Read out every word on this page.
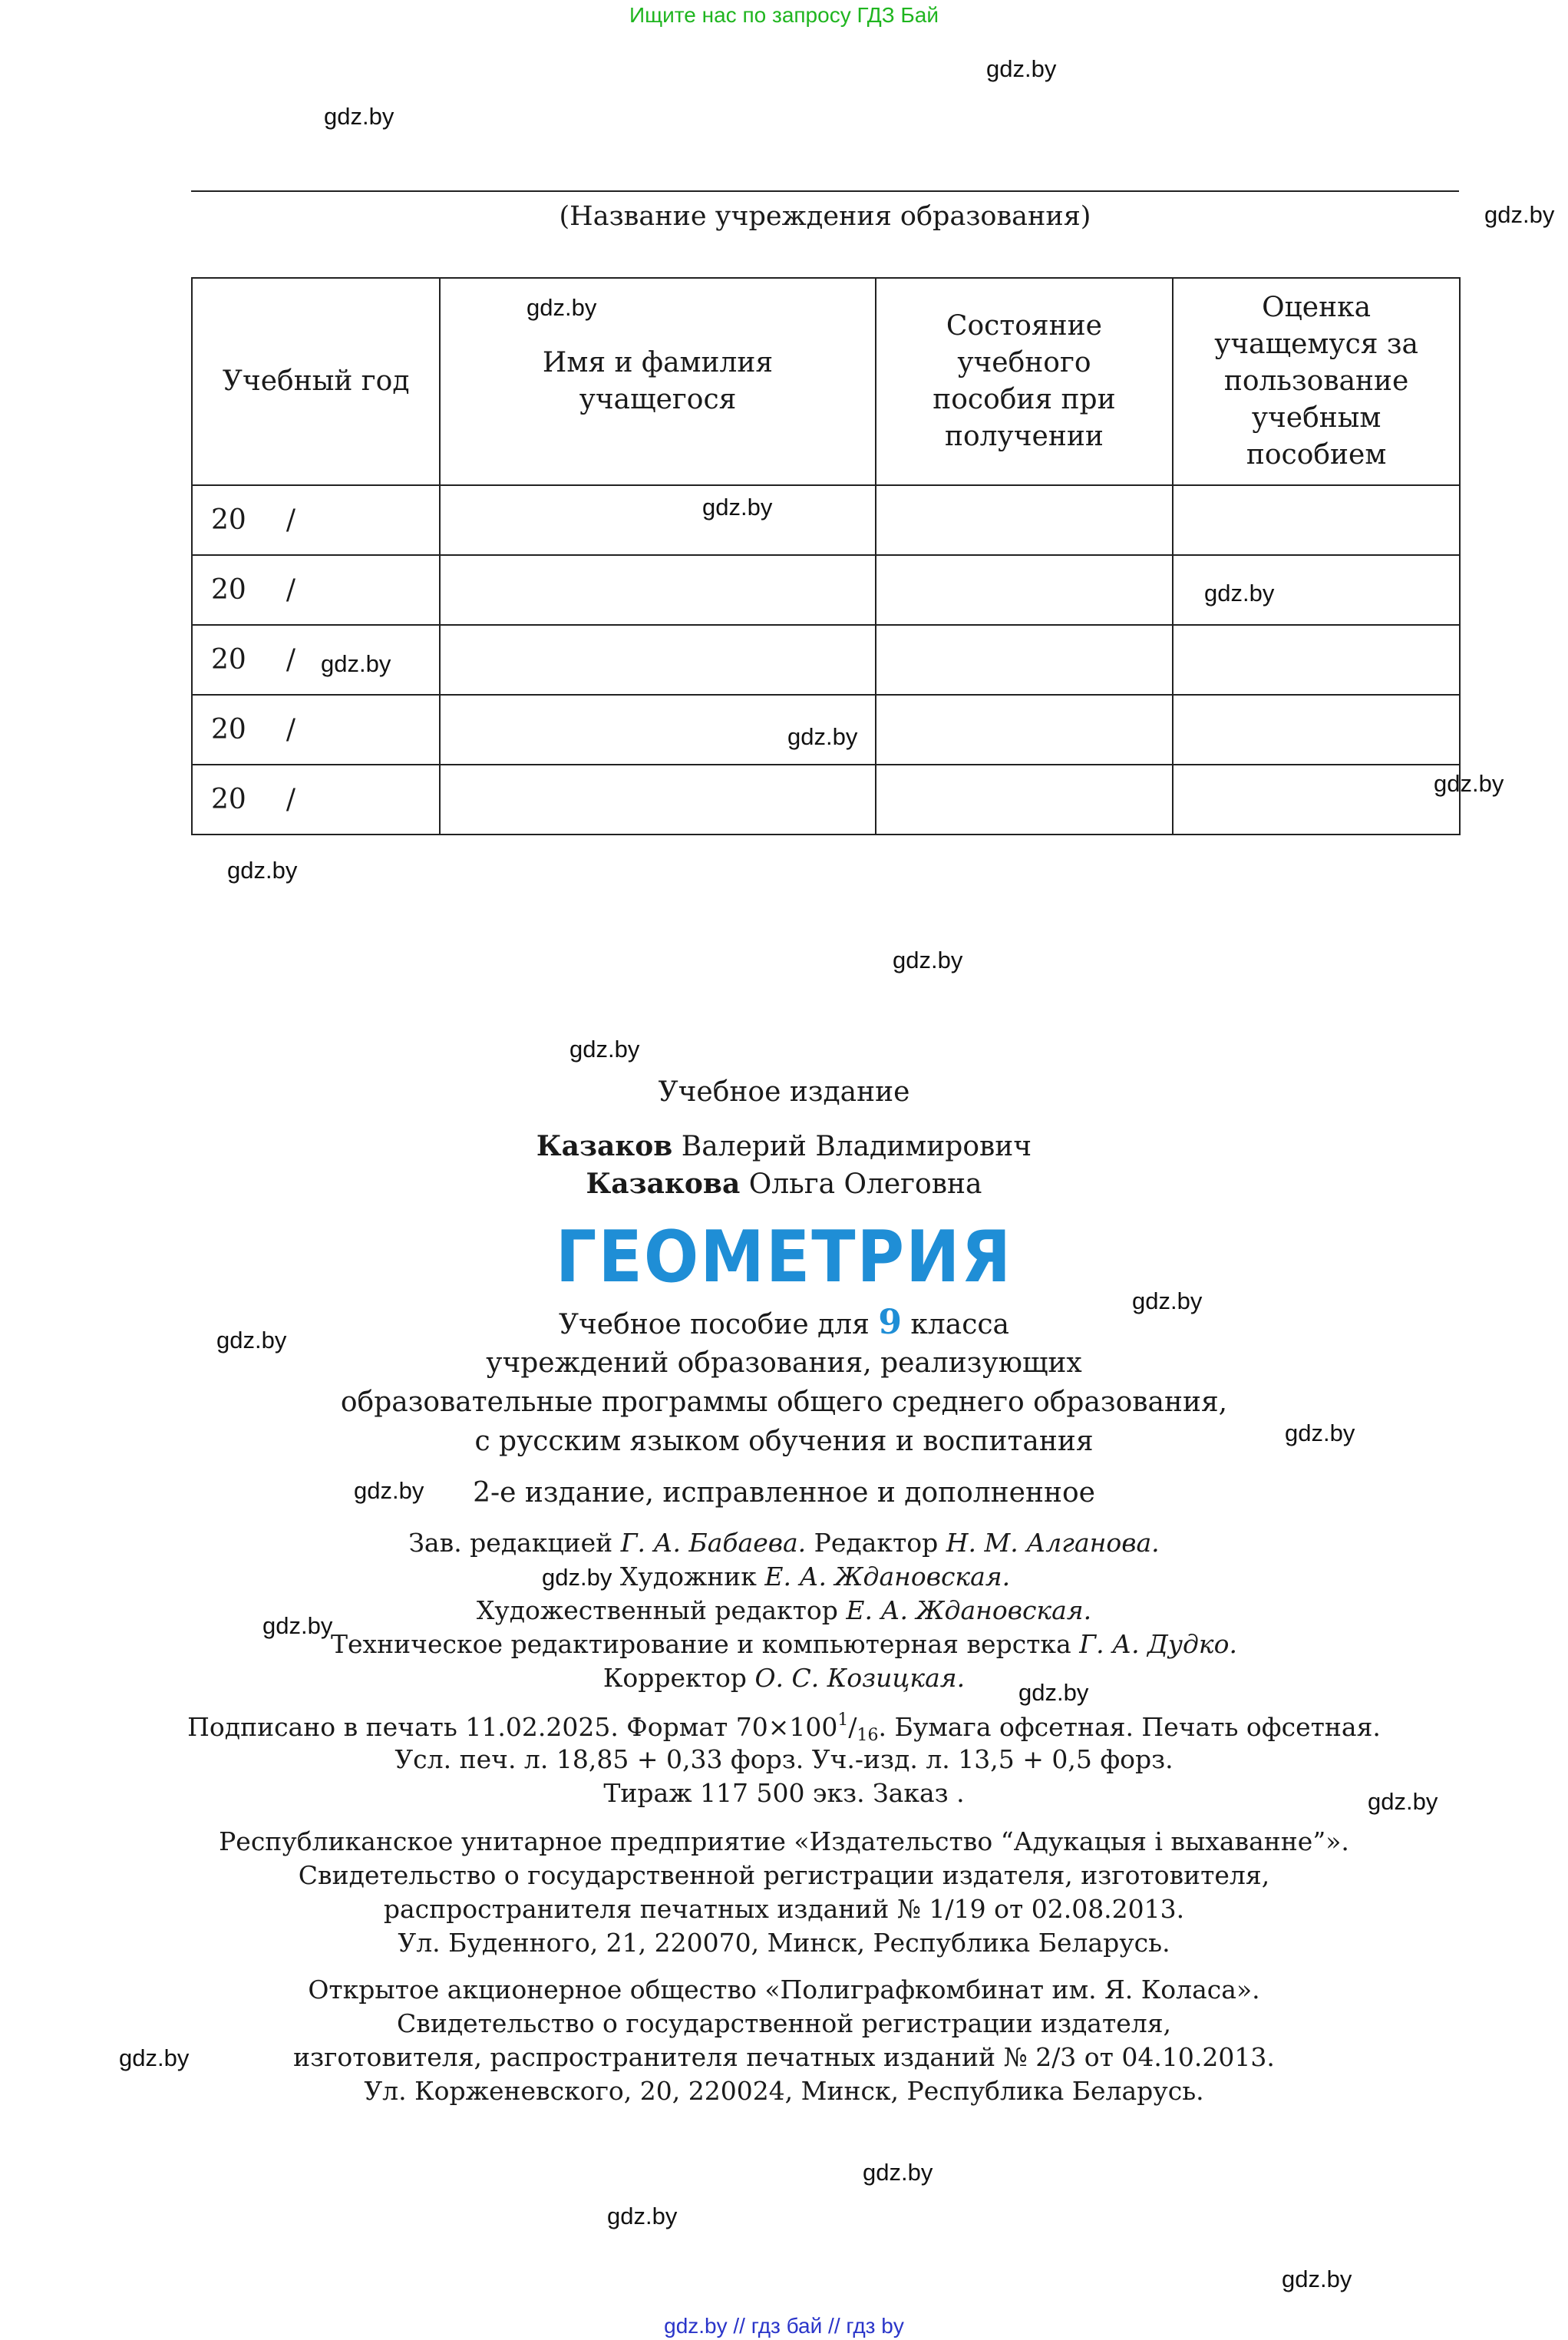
Ищите нас по запросу ГДЗ Бай
gdz.by
gdz.by
gdz.by
(Название учреждения образования)
Учебный год	Имя и фамилия учащегося	Состояние учебного пособия при получении	Оценка учащемуся за пользование учебным пособием
20 /			
20 /			
20 /			
20 /			
20 /			
gdz.by
gdz.by
gdz.by
gdz.by
gdz.by
gdz.by
gdz.by
gdz.by
gdz.by
Учебное издание
Казаков Валерий Владимирович
Казакова Ольга Олеговна
ГЕОМЕТРИЯ
gdz.by
gdz.by	Учебное пособие для 9 класса
учреждений образования, реализующих
образовательные программы общего среднего образования,
с русским языком обучения и воспитания	gdz.by
gdz.by	2-е издание, исправленное и дополненное
Зав. редакцией Г. А. Бабаева. Редактор Н. М. Алганова.
gdz.by Художник Е. А. Ждановская.
Художественный редактор Е. А. Ждановская.
Техническое редактирование и компьютерная верстка Г. А. Дудко.
Корректор О. С. Козицкая.
gdz.by
gdz.by
Подписано в печать 11.02.2025. Формат $70\times 100^1/_{16}$. Бумага офсетная. Печать офсетная.
Усл. печ. л. 18,85 + 0,33 форз. Уч.-изд. л. 13,5 + 0,5 форз.
Тираж 117 500 экз. Заказ .	gdz.by
Республиканское унитарное предприятие «Издательство “Адукацыя і выхаванне”».
Свидетельство о государственной регистрации издателя, изготовителя,
распространителя печатных изданий № 1/19 от 02.08.2013.
Ул. Буденного, 21, 220070, Минск, Республика Беларусь.
Открытое акционерное общество «Полиграфкомбинат им. Я. Коласа».
Свидетельство о государственной регистрации издателя,
изготовителя, распространителя печатных изданий № 2/3 от 04.10.2013.
Ул. Корженевского, 20, 220024, Минск, Республика Беларусь.
gdz.by
gdz.by
gdz.by
gdz.by
gdz.by // гдз бай // гдз by
